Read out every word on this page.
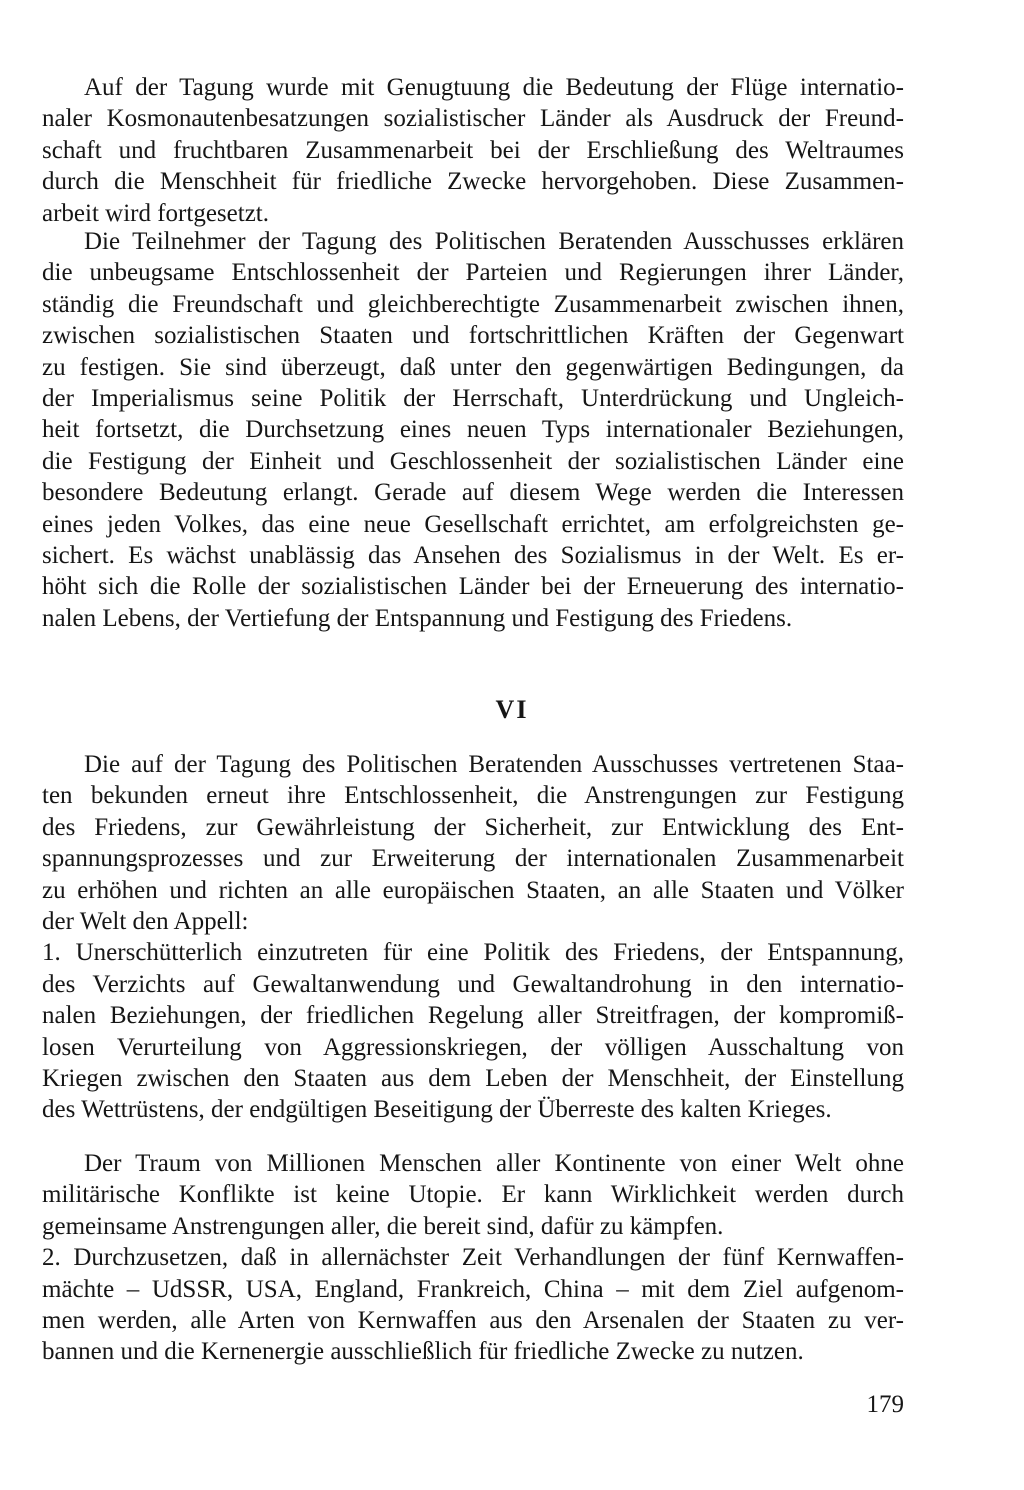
Auf der Tagung wurde mit Genugtuung die Bedeutung der Flüge internatio-
naler Kosmonautenbesatzungen sozialistischer Länder als Ausdruck der Freund-
schaft und fruchtbaren Zusammenarbeit bei der Erschließung des Weltraumes
durch die Menschheit für friedliche Zwecke hervorgehoben. Diese Zusammen-
arbeit wird fortgesetzt.
Die Teilnehmer der Tagung des Politischen Beratenden Ausschusses erklären
die unbeugsame Entschlossenheit der Parteien und Regierungen ihrer Länder,
ständig die Freundschaft und gleichberechtigte Zusammenarbeit zwischen ihnen,
zwischen sozialistischen Staaten und fortschrittlichen Kräften der Gegenwart
zu festigen. Sie sind überzeugt, daß unter den gegenwärtigen Bedingungen, da
der Imperialismus seine Politik der Herrschaft, Unterdrückung und Ungleich-
heit fortsetzt, die Durchsetzung eines neuen Typs internationaler Beziehungen,
die Festigung der Einheit und Geschlossenheit der sozialistischen Länder eine
besondere Bedeutung erlangt. Gerade auf diesem Wege werden die Interessen
eines jeden Volkes, das eine neue Gesellschaft errichtet, am erfolgreichsten ge-
sichert. Es wächst unablässig das Ansehen des Sozialismus in der Welt. Es er-
höht sich die Rolle der sozialistischen Länder bei der Erneuerung des internatio-
nalen Lebens, der Vertiefung der Entspannung und Festigung des Friedens.
VI
Die auf der Tagung des Politischen Beratenden Ausschusses vertretenen Staa-
ten bekunden erneut ihre Entschlossenheit, die Anstrengungen zur Festigung
des Friedens, zur Gewährleistung der Sicherheit, zur Entwicklung des Ent-
spannungsprozesses und zur Erweiterung der internationalen Zusammenarbeit
zu erhöhen und richten an alle europäischen Staaten, an alle Staaten und Völker
der Welt den Appell:
1. Unerschütterlich einzutreten für eine Politik des Friedens, der Entspannung,
des Verzichts auf Gewaltanwendung und Gewaltandrohung in den internatio-
nalen Beziehungen, der friedlichen Regelung aller Streitfragen, der kompromiß-
losen Verurteilung von Aggressionskriegen, der völligen Ausschaltung von
Kriegen zwischen den Staaten aus dem Leben der Menschheit, der Einstellung
des Wettrüstens, der endgültigen Beseitigung der Überreste des kalten Krieges.
Der Traum von Millionen Menschen aller Kontinente von einer Welt ohne
militärische Konflikte ist keine Utopie. Er kann Wirklichkeit werden durch
gemeinsame Anstrengungen aller, die bereit sind, dafür zu kämpfen.
2. Durchzusetzen, daß in allernächster Zeit Verhandlungen der fünf Kernwaffen-
mächte – UdSSR, USA, England, Frankreich, China – mit dem Ziel aufgenom-
men werden, alle Arten von Kernwaffen aus den Arsenalen der Staaten zu ver-
bannen und die Kernenergie ausschließlich für friedliche Zwecke zu nutzen.
179
